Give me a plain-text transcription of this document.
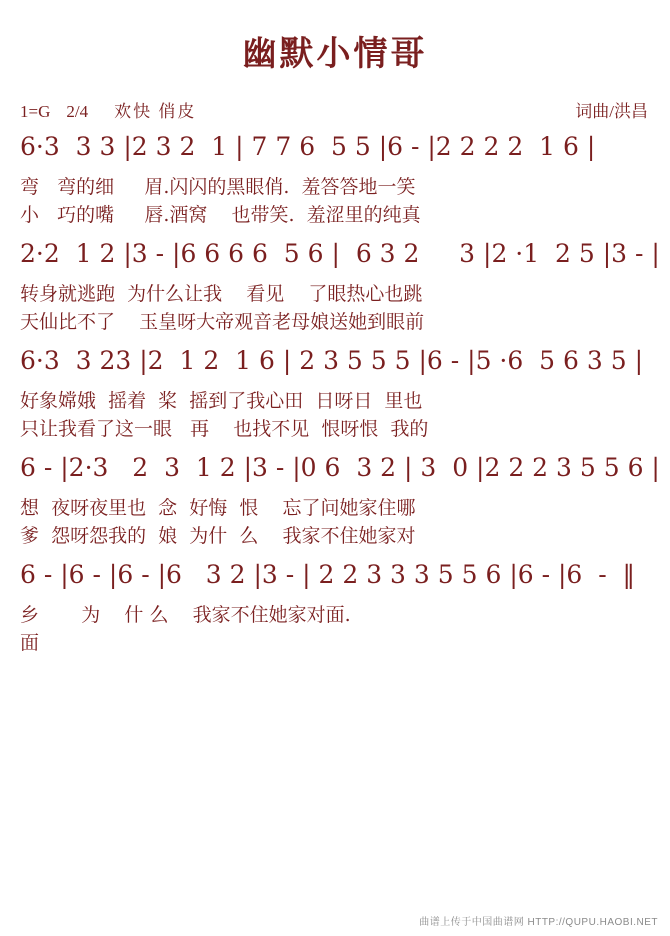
幽默小情哥
1=G 2/4 欢快 俏皮	词曲/洪昌
6·3  3 3 |2 3 2  1 | 7 7 6  5 5 |6 - |2 2 2 2  1 6 |
弯   弯的细     眉.闪闪的黑眼俏.  羞答答地一笑
小   巧的嘴     唇.酒窝    也带笑.  羞涩里的纯真
2·2  1 2 |3 - |6 6 6 6  5 6 |  6 3 2     3 |2 ·1  2 5 |3 - |
转身就逃跑  为什么让我    看见    了眼热心也跳
天仙比不了    玉皇呀大帝观音老母娘送她到眼前
6·3  3 23 |2  1 2  1 6 | 2 3 5 5 5 |6 - |5 ·6  5 6 3 5 |
好象嫦娥  摇着  桨  摇到了我心田  日呀日  里也
只让我看了这一眼   再    也找不见  恨呀恨  我的
6 - |2·3   2  3  1 2 |3 - |0 6  3 2 | 3  0 |2 2 2 3 5 5 6 |
想  夜呀夜里也  念  好悔  恨    忘了问她家住哪
爹  怨呀怨我的  娘  为什  么    我家不住她家对
6 - |6 - |6 - |6   3 2 |3 - | 2 2 3 3 3 5 5 6 |6 - |6  -  ‖
乡       为    什 么    我家不住她家对面.
面
曲谱上传于中国曲谱网 HTTP://QUPU.HAOBI.NET
